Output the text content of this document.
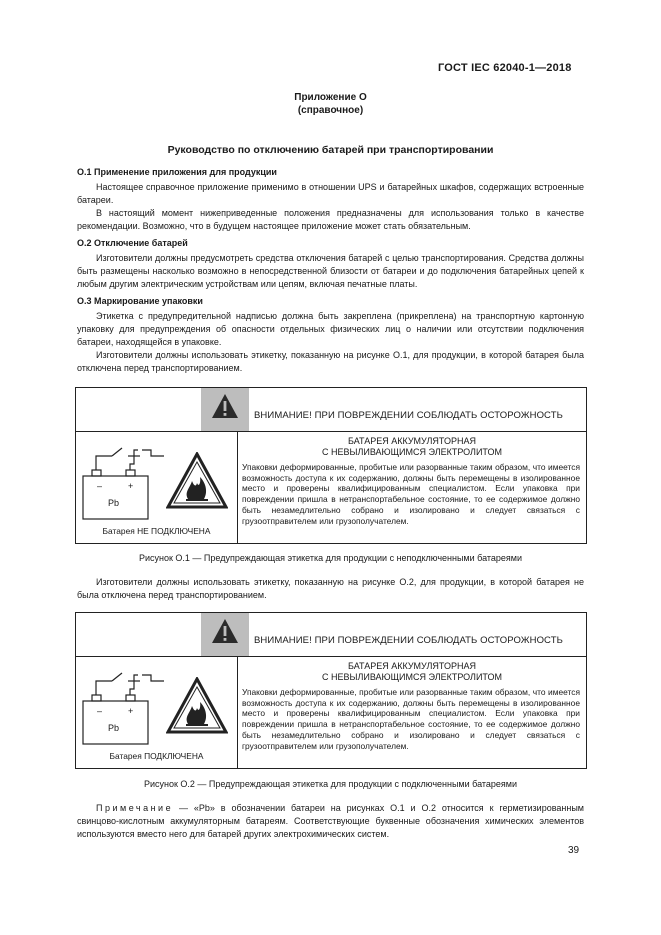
ГОСТ IEC 62040-1—2018
Приложение О
(справочное)
Руководство по отключению батарей при транспортировании
О.1 Применение приложения для продукции

Настоящее справочное приложение применимо в отношении UPS и батарейных шкафов, содержащих встроенные батареи.

В настоящий момент нижеприведенные положения предназначены для использования только в качестве рекомендации. Возможно, что в будущем настоящее приложение может стать обязательным.

О.2 Отключение батарей

Изготовители должны предусмотреть средства отключения батарей с целью транспортирования. Средства должны быть размещены насколько возможно в непосредственной близости от батареи и до подключения батарейных цепей к любым другим электрическим устройствам или цепям, включая печатные платы.

О.3 Маркирование упаковки

Этикетка с предупредительной надписью должна быть закреплена (прикреплена) на транспортную картонную упаковку для предупреждения об опасности отдельных физических лиц о наличии или отсутствии подключения батареи, находящейся в упаковке.

Изготовители должны использовать этикетку, показанную на рисунке О.1, для продукции, в которой батарея была отключена перед транспортированием.

ВНИМАНИЕ! ПРИ ПОВРЕЖДЕНИИ СОБЛЮДАТЬ ОСТОРОЖНОСТЬ
–	+
Pb
Батарея НЕ ПОДКЛЮЧЕНА
БАТАРЕЯ АККУМУЛЯТОРНАЯ
С НЕВЫЛИВАЮЩИМСЯ ЭЛЕКТРОЛИТОМ
Упаковки деформированные, пробитые или разорванные таким образом, что имеется возможность доступа к их содержанию, должны быть перемещены в изолированное место и проверены квалифицированным специалистом. Если упаковка при повреждении пришла в нетранспортабельное состояние, то ее содержимое должно быть незамедлительно собрано и изолировано и следует связаться с грузоотправителем или грузополучателем.
Рисунок О.1 — Предупреждающая этикетка для продукции с неподключенными батареями

Изготовители должны использовать этикетку, показанную на рисунке О.2, для продукции, в которой батарея не была отключена перед транспортированием.

ВНИМАНИЕ! ПРИ ПОВРЕЖДЕНИИ СОБЛЮДАТЬ ОСТОРОЖНОСТЬ
–	+
Pb
Батарея ПОДКЛЮЧЕНА
БАТАРЕЯ АККУМУЛЯТОРНАЯ
С НЕВЫЛИВАЮЩИМСЯ ЭЛЕКТРОЛИТОМ
Упаковки деформированные, пробитые или разорванные таким образом, что имеется возможность доступа к их содержанию, должны быть перемещены в изолированное место и проверены квалифицированным специалистом. Если упаковка при повреждении пришла в нетранспортабельное состояние, то ее содержимое должно быть незамедлительно собрано и изолировано и следует связаться с грузоотправителем или грузополучателем.
Рисунок О.2 — Предупреждающая этикетка для продукции с подключенными батареями

Примечание — «Pb» в обозначении батареи на рисунках О.1 и О.2 относится к герметизированным свинцово-кислотным аккумуляторным батареям. Соответствующие буквенные обозначения химических элементов используются вместо него для батарей других электрохимических систем.

39
